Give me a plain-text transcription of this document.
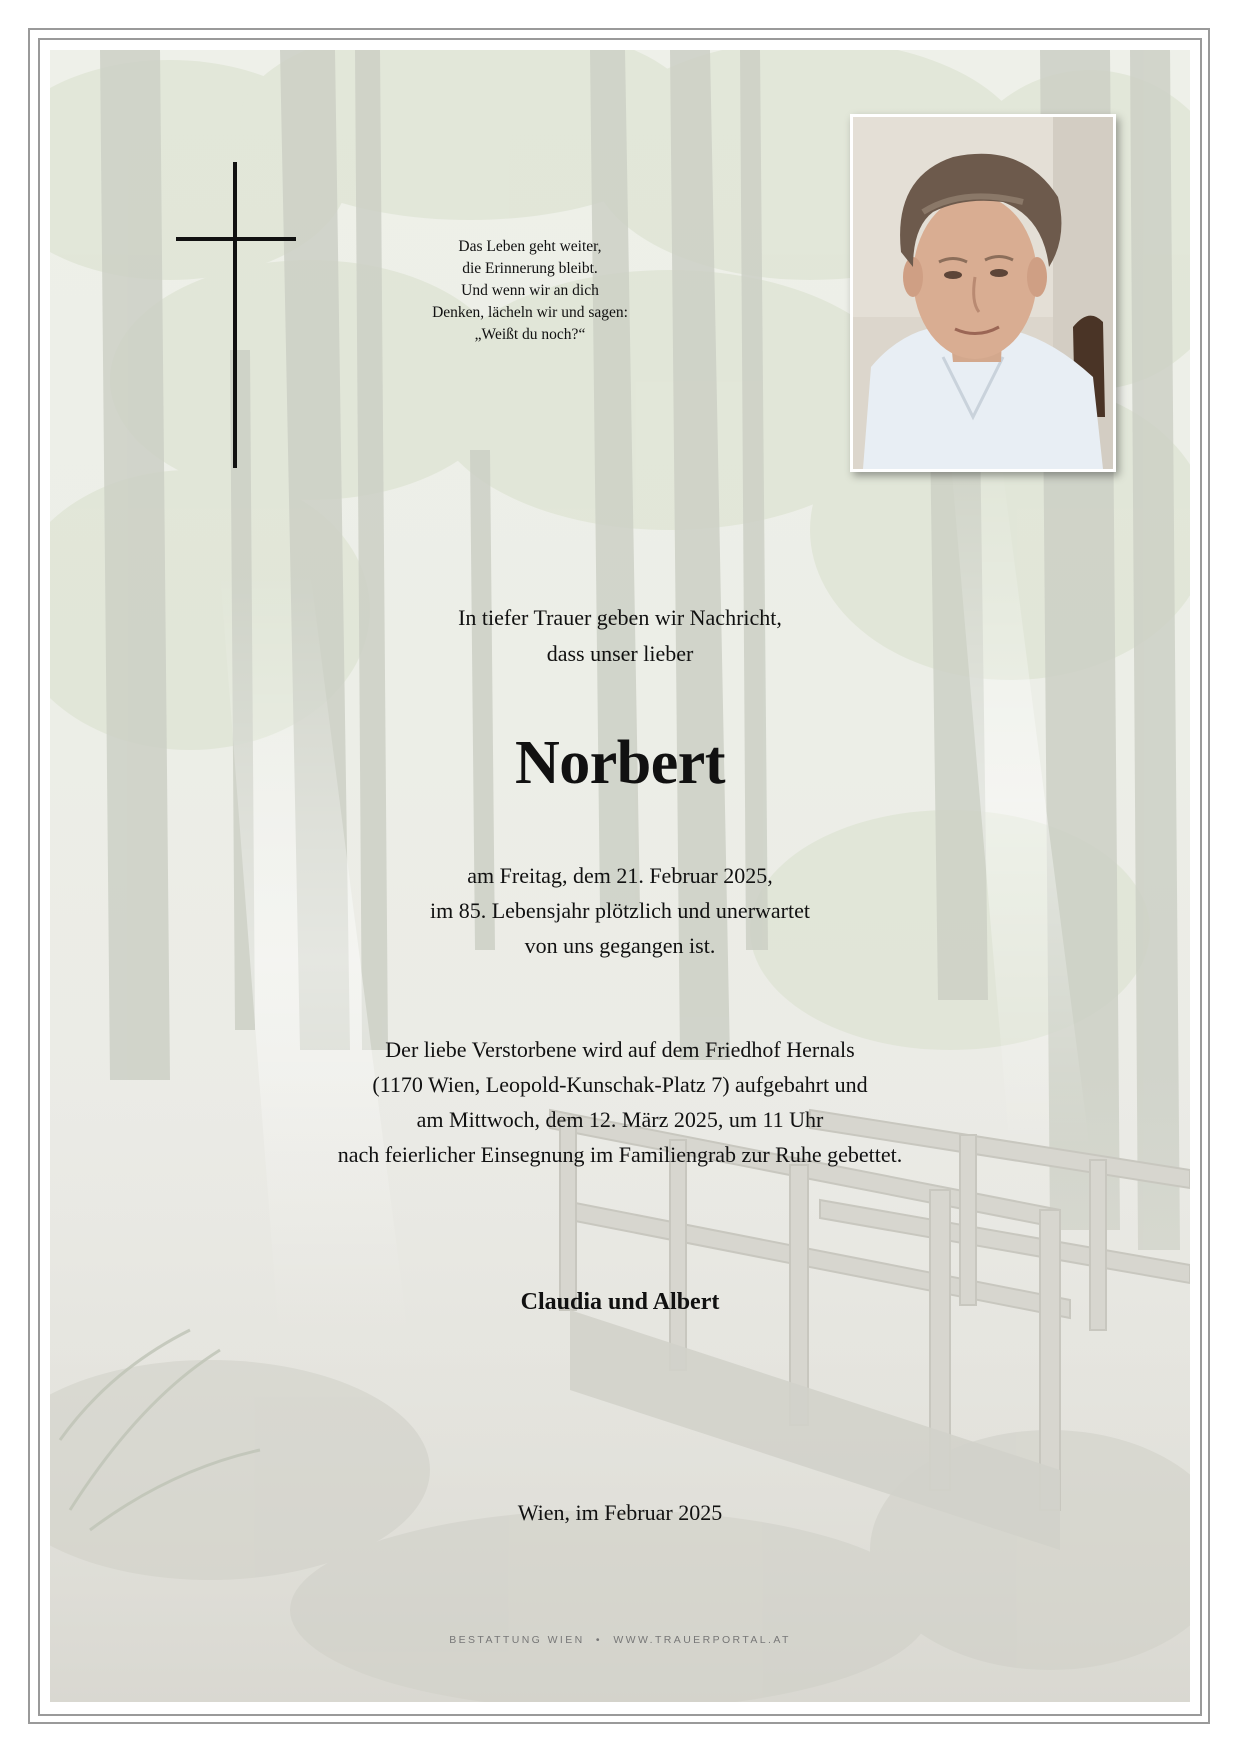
Das Leben geht weiter,
die Erinnerung bleibt.
Und wenn wir an dich
Denken, lächeln wir und sagen:
„Weißt du noch?“
In tiefer Trauer geben wir Nachricht,
dass unser lieber
Norbert
am Freitag, dem 21. Februar 2025,
im 85. Lebensjahr plötzlich und unerwartet
von uns gegangen ist.
Der liebe Verstorbene wird auf dem Friedhof Hernals
(1170 Wien, Leopold-Kunschak-Platz 7) aufgebahrt und
am Mittwoch, dem 12. März 2025, um 11 Uhr
nach feierlicher Einsegnung im Familiengrab zur Ruhe gebettet.
Claudia und Albert
Wien, im Februar 2025
BESTATTUNG WIEN • WWW.TRAUERPORTAL.AT
